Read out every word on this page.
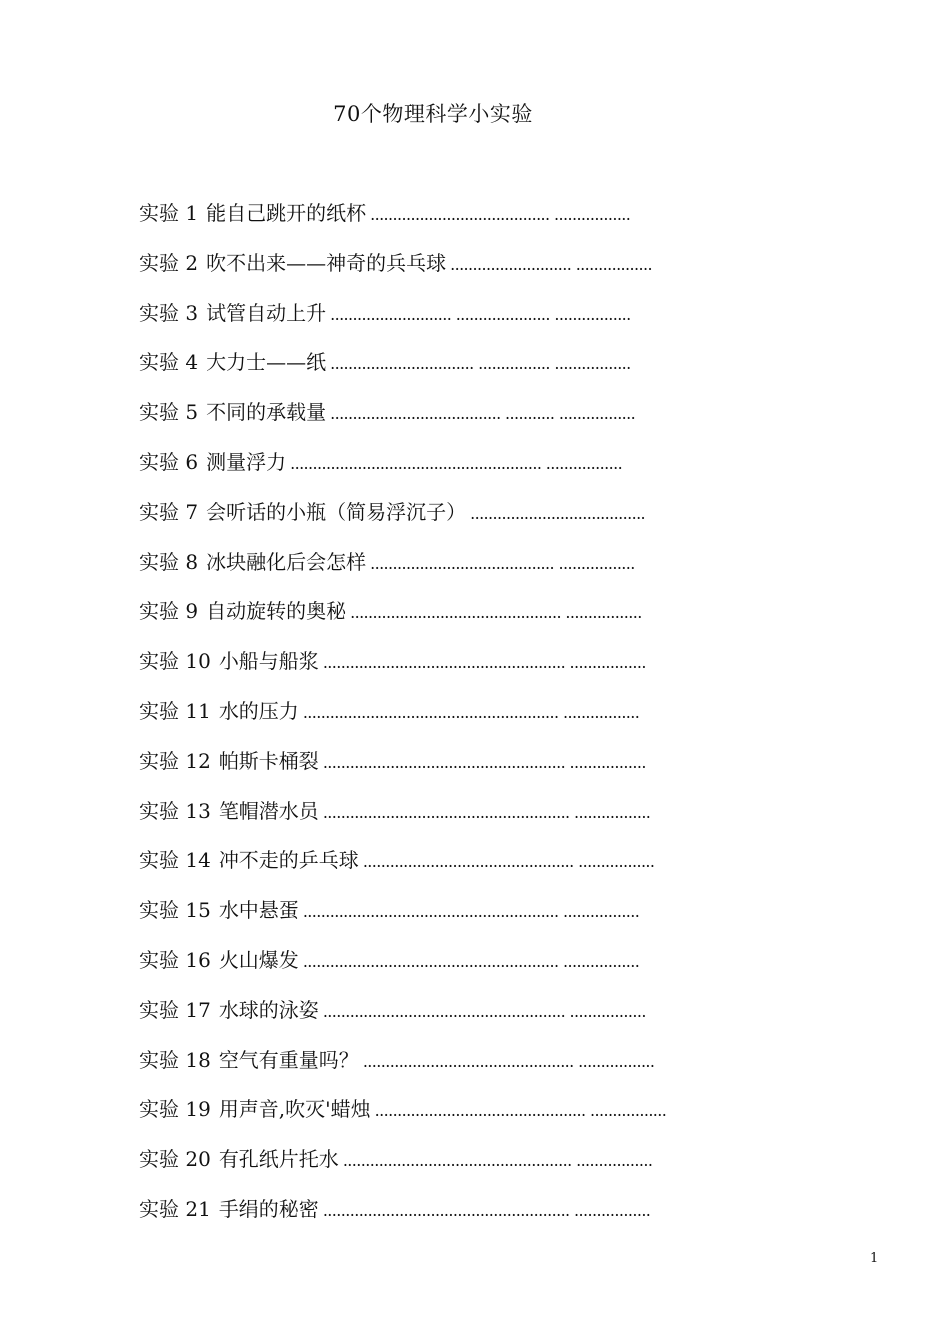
70个物理科学小实验
实验 1 能自己跳开的纸杯 ........................................ .................
实验 2 吹不出来——神奇的兵乓球 ........................... .................
实验 3 试管自动上升 ........................... ..................... .................
实验 4 大力士——纸 ................................ ................ .................
实验 5 不同的承载量 ...................................... ........... .................
实验 6 测量浮力 ........................................................ .................
实验 7 会听话的小瓶（简易浮沉子） .......................................
实验 8 冰块融化后会怎样 ......................................... .................
实验 9 自动旋转的奥秘 ............................................... .................
实验 10 小船与船浆 ...................................................... .................
实验 11 水的压力 ......................................................... .................
实验 12 帕斯卡桶裂 ...................................................... .................
实验 13 笔帽潜水员 ....................................................... .................
实验 14 冲不走的乒乓球 ............................................... .................
实验 15 水中悬蛋 ......................................................... .................
实验 16 火山爆发 ......................................................... .................
实验 17 水球的泳姿 ...................................................... .................
实验 18 空气有重量吗？ ............................................... .................
实验 19 用声音,吹灭'蜡烛 ............................................... .................
实验 20 有孔纸片托水 ................................................... .................
实验 21 手绢的秘密 ....................................................... .................
1
